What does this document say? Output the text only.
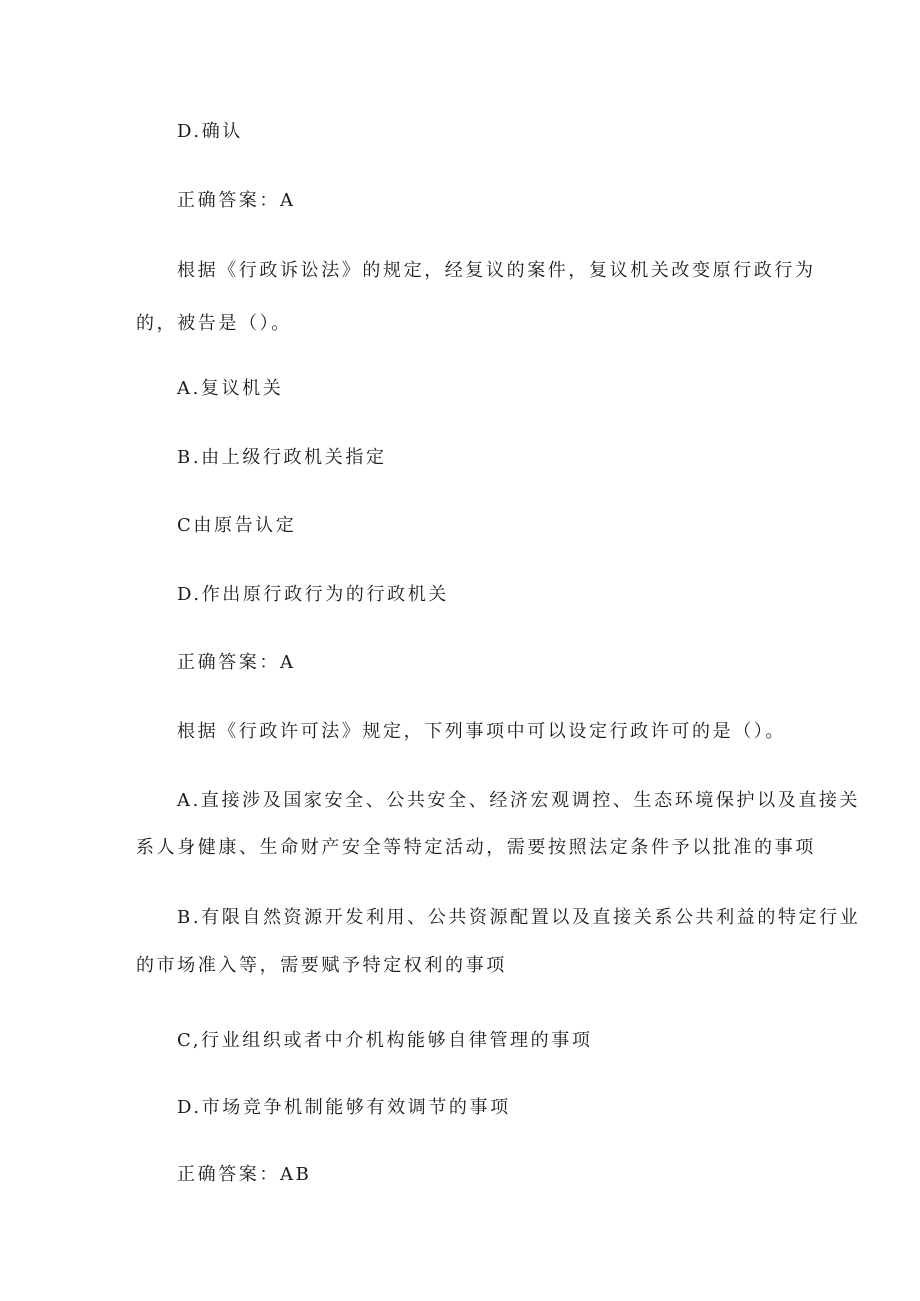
D.确认
正确答案：A
根据《行政诉讼法》的规定，经复议的案件，复议机关改变原行政行为
的，被告是（）。
A.复议机关
B.由上级行政机关指定
C由原告认定
D.作出原行政行为的行政机关
正确答案：A
根据《行政许可法》规定，下列事项中可以设定行政许可的是（）。
A.直接涉及国家安全、公共安全、经济宏观调控、生态环境保护以及直接关
系人身健康、生命财产安全等特定活动，需要按照法定条件予以批准的事项
B.有限自然资源开发利用、公共资源配置以及直接关系公共利益的特定行业
的市场准入等，需要赋予特定权利的事项
C,行业组织或者中介机构能够自律管理的事项
D.市场竞争机制能够有效调节的事项
正确答案：AB
